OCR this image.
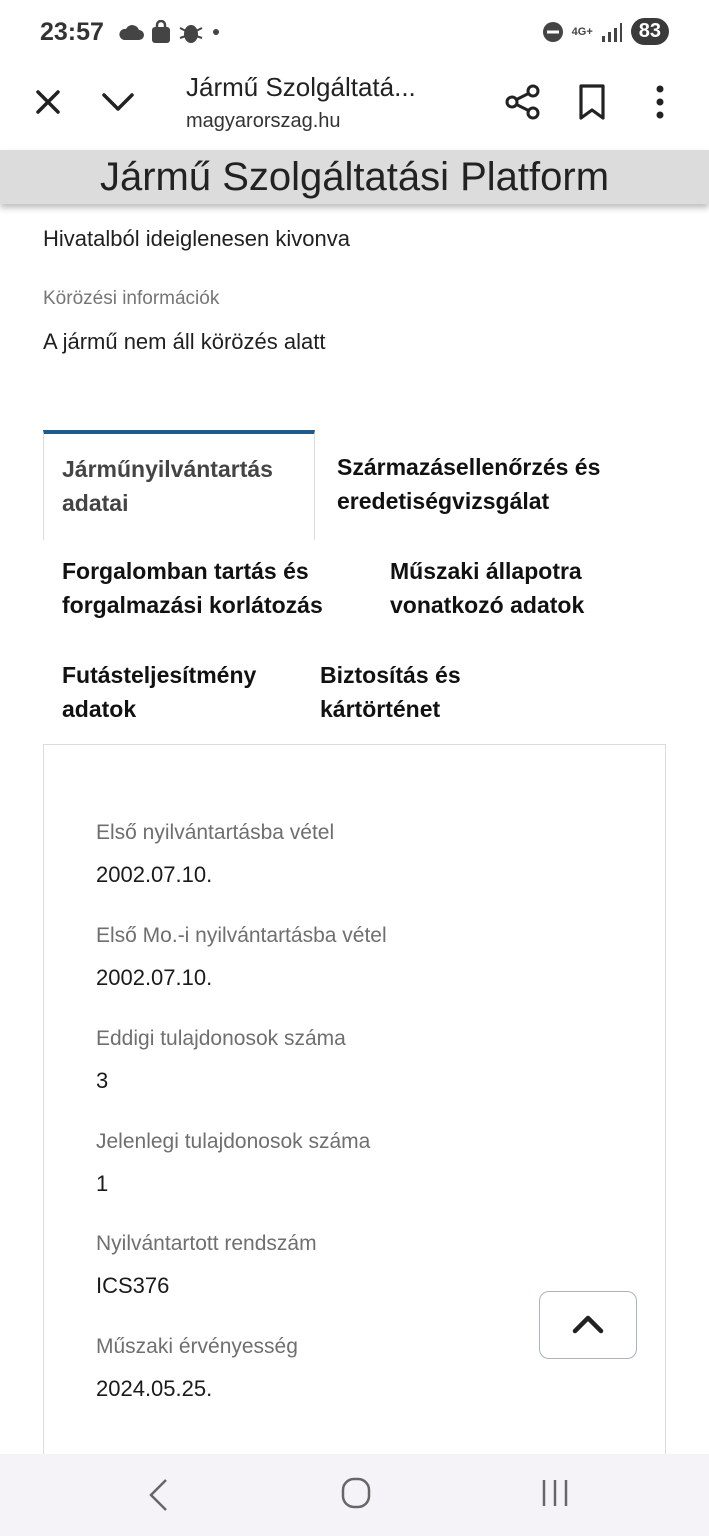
23:57	4G+	83
Jármű Szolgáltatá...
magyarorszag.hu
Jármű Szolgáltatási Platform
Hivatalból ideiglenesen kivonva
Körözési információk
A jármű nem áll körözés alatt
Járműnyilvántartás adatai
Származásellenőrzés és eredetiségvizsgálat
Forgalomban tartás és forgalmazási korlátozás
Műszaki állapotra vonatkozó adatok
Futásteljesítmény adatok
Biztosítás és kártörténet
Első nyilvántartásba vétel
2002.07.10.
Első Mo.-i nyilvántartásba vétel
2002.07.10.
Eddigi tulajdonosok száma
3
Jelenlegi tulajdonosok száma
1
Nyilvántartott rendszám
ICS376
Műszaki érvényesség
2024.05.25.
